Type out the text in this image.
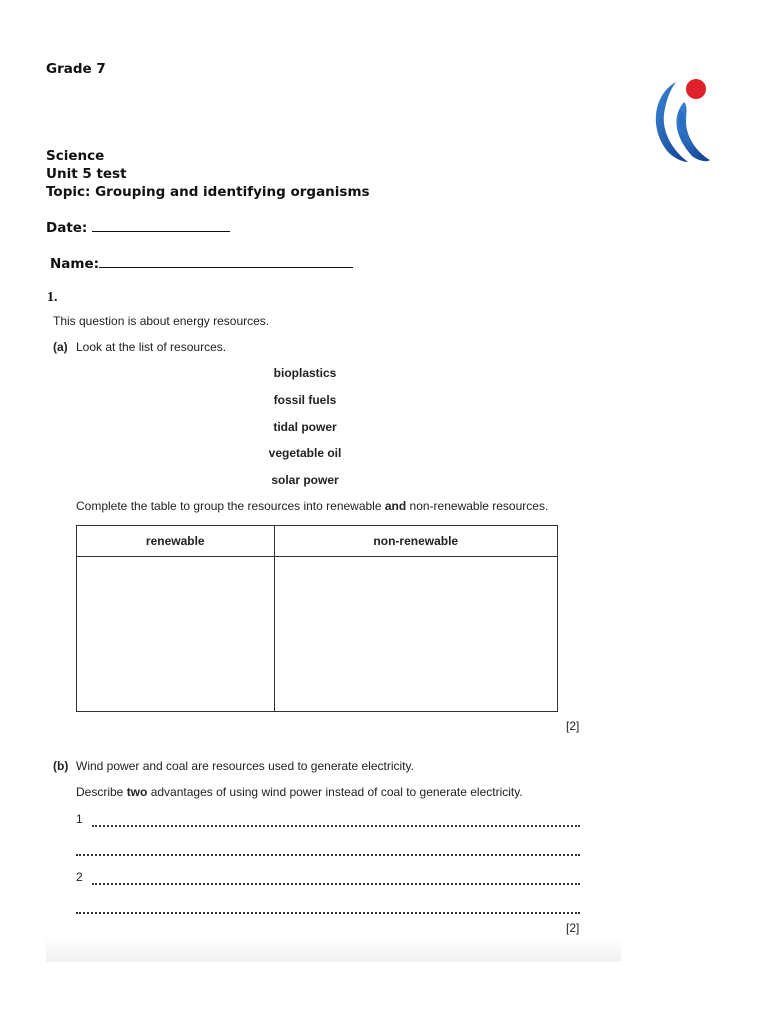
Grade 7
Science
Unit 5 test
Topic: Grouping and identifying organisms
Date:
Name:
1.
This question is about energy resources.
(a) Look at the list of resources.
bioplastics
fossil fuels
tidal power
vegetable oil
solar power
Complete the table to group the resources into renewable and non-renewable resources.
renewable	non-renewable

[2]
(b) Wind power and coal are resources used to generate electricity.
Describe two advantages of using wind power instead of coal to generate electricity.
1
2
[2]
